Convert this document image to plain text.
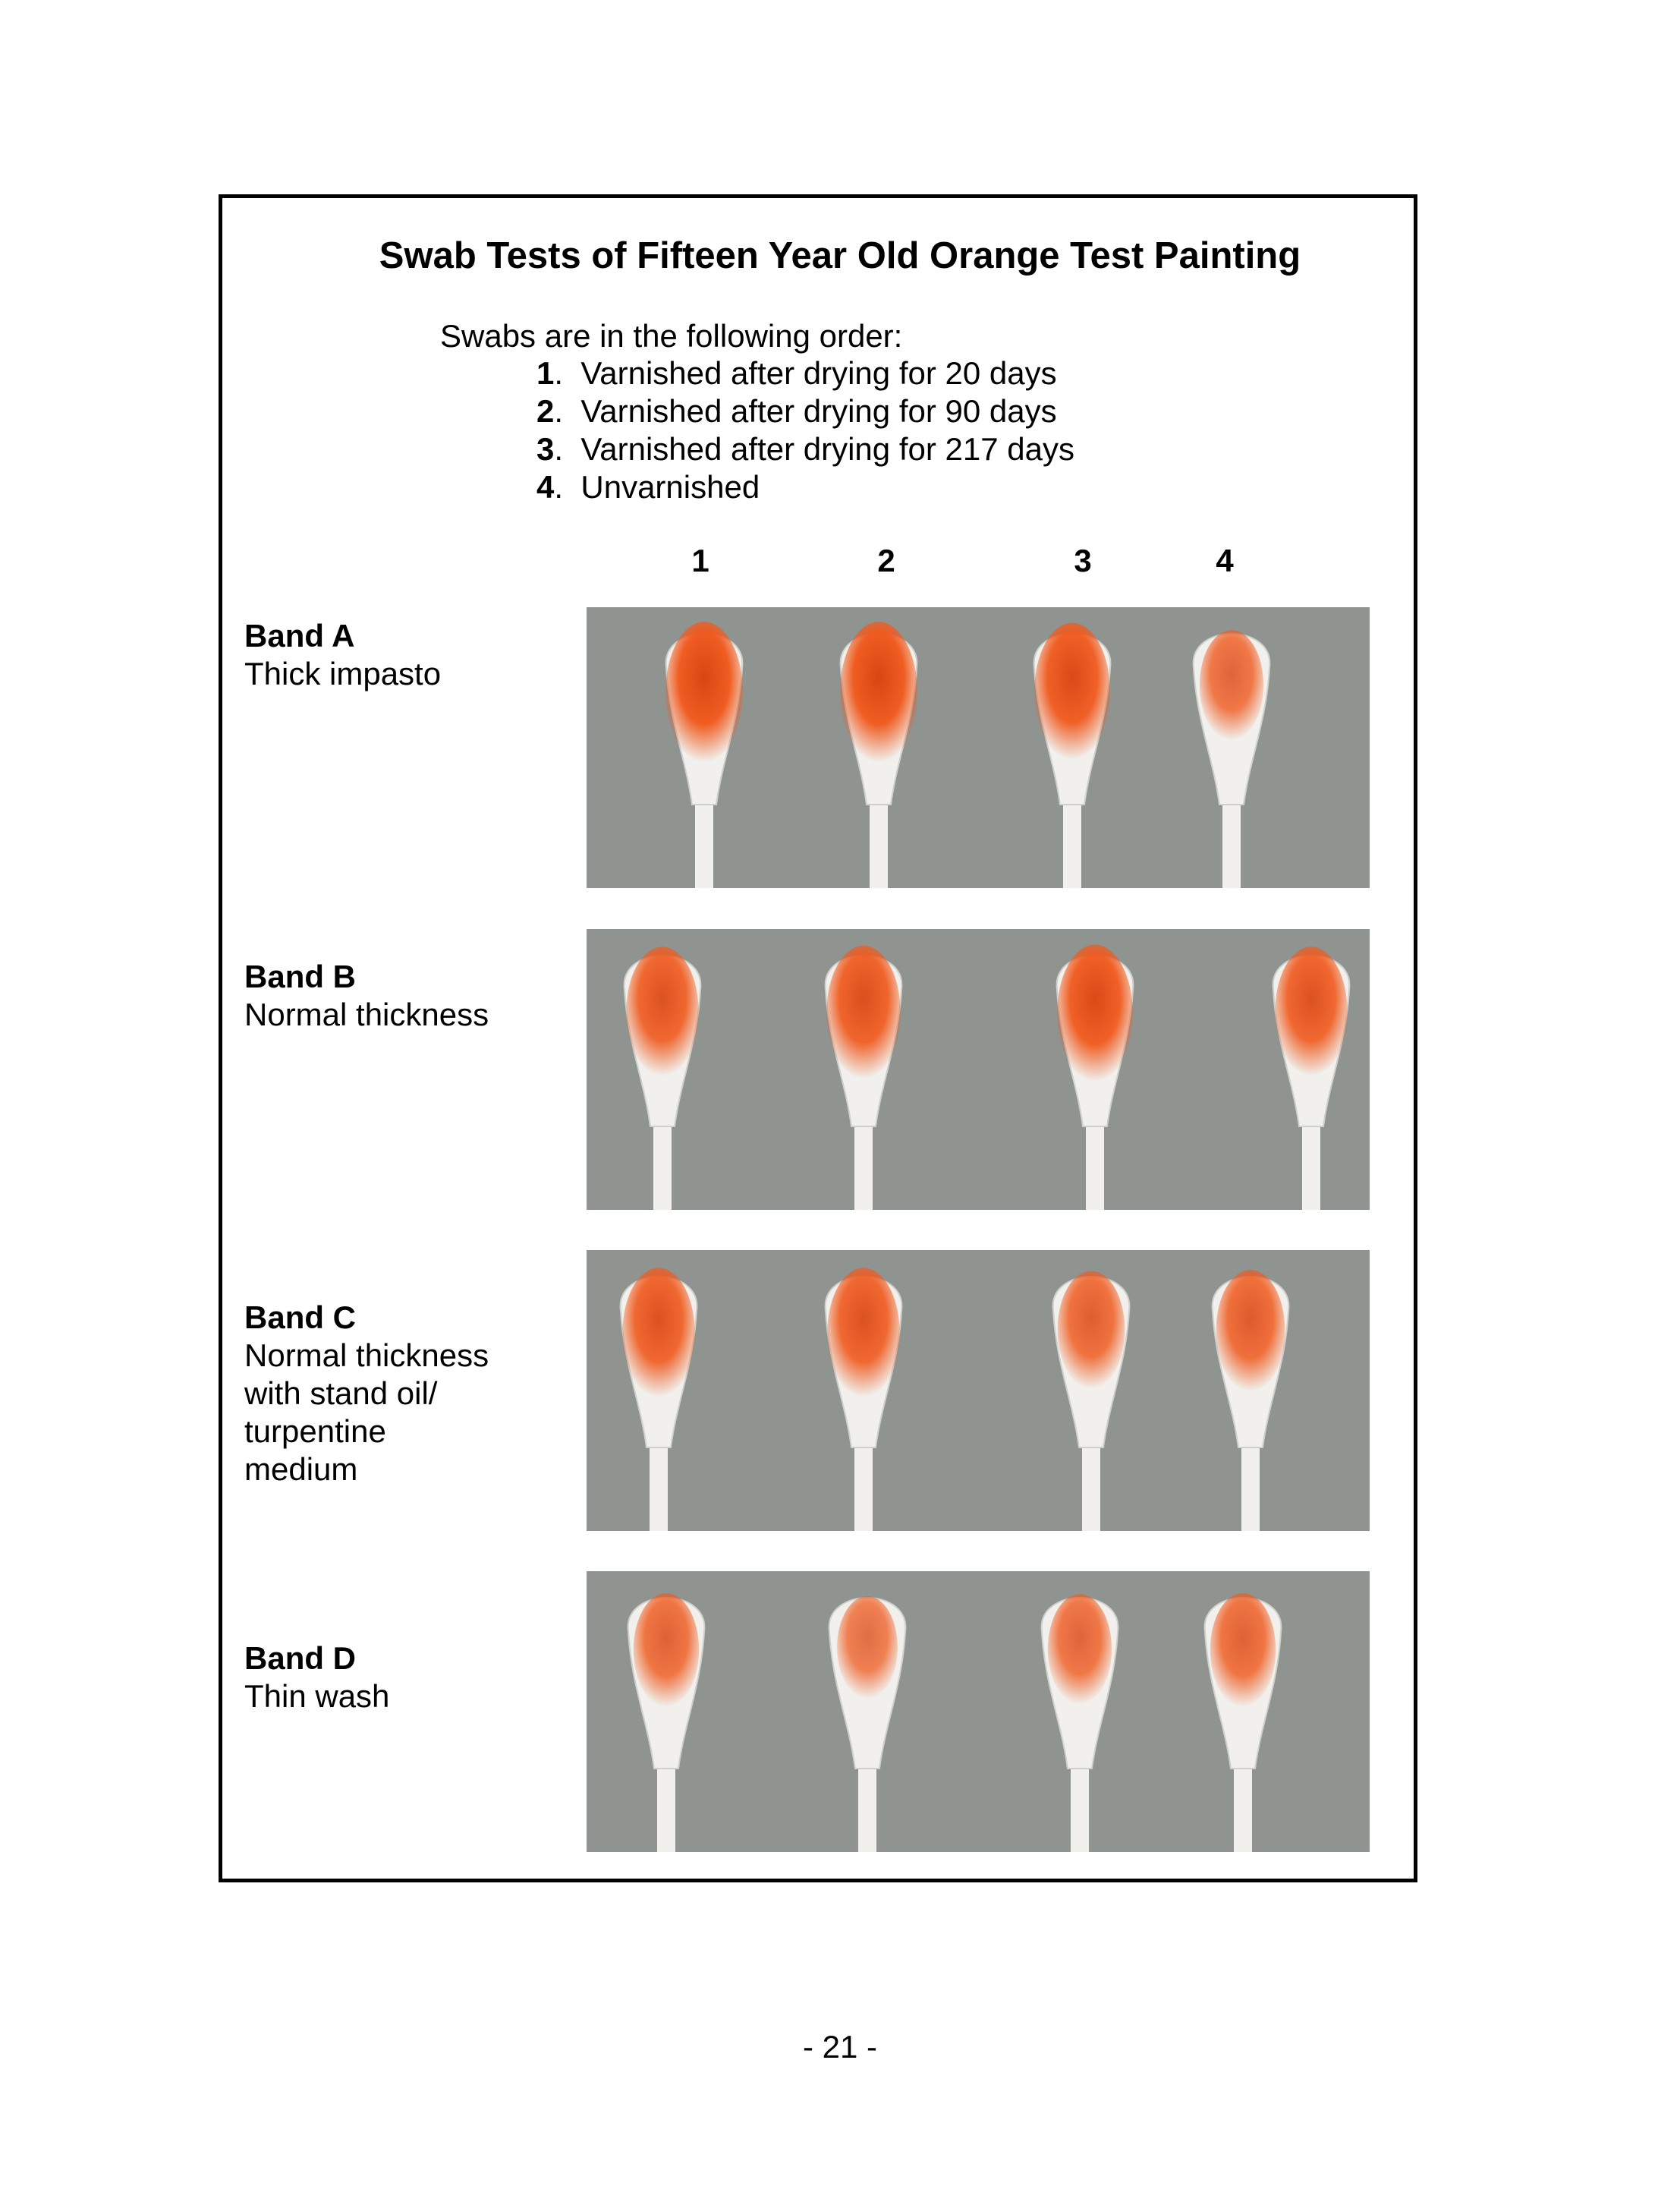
Swab Tests of Fifteen Year Old Orange Test Painting
Swabs are in the following order:
1.  Varnished after drying for 20 days
2.  Varnished after drying for 90 days
3.  Varnished after drying for 217 days
4.  Unvarnished
1	2	3	4
Band A
Thick impasto
Band B
Normal thickness
Band C
Normal thickness
with stand oil/
turpentine
medium
Band D
Thin wash
- 21 -
